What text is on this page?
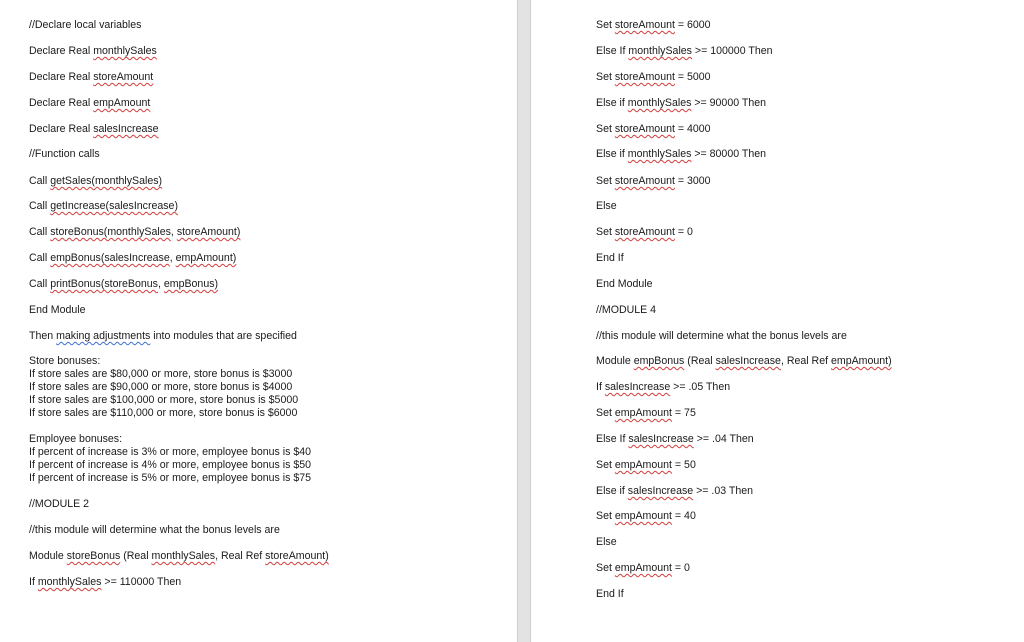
//Declare local variables
Declare Real monthlySales
Declare Real storeAmount
Declare Real empAmount
Declare Real salesIncrease
//Function calls
Call getSales(monthlySales)
Call getIncrease(salesIncrease)
Call storeBonus(monthlySales, storeAmount)
Call empBonus(salesIncrease, empAmount)
Call printBonus(storeBonus, empBonus)
End Module
Then making adjustments into modules that are specified
Store bonuses:
If store sales are $80,000 or more, store bonus is $3000
If store sales are $90,000 or more, store bonus is $4000
If store sales are $100,000 or more, store bonus is $5000
If store sales are $110,000 or more, store bonus is $6000
Employee bonuses:
If percent of increase is 3% or more, employee bonus is $40
If percent of increase is 4% or more, employee bonus is $50
If percent of increase is 5% or more, employee bonus is $75
//MODULE 2
//this module will determine what the bonus levels are
Module storeBonus (Real monthlySales, Real Ref storeAmount)
If monthlySales >= 110000 Then
Set storeAmount = 6000
Else If monthlySales >= 100000 Then
Set storeAmount = 5000
Else if monthlySales >= 90000 Then
Set storeAmount = 4000
Else if monthlySales >= 80000 Then
Set storeAmount = 3000
Else
Set storeAmount = 0
End If
End Module
//MODULE 4
//this module will determine what the bonus levels are
Module empBonus (Real salesIncrease, Real Ref empAmount)
If salesIncrease >= .05 Then
Set empAmount = 75
Else If salesIncrease >= .04 Then
Set empAmount = 50
Else if salesIncrease >= .03 Then
Set empAmount = 40
Else
Set empAmount = 0
End If
